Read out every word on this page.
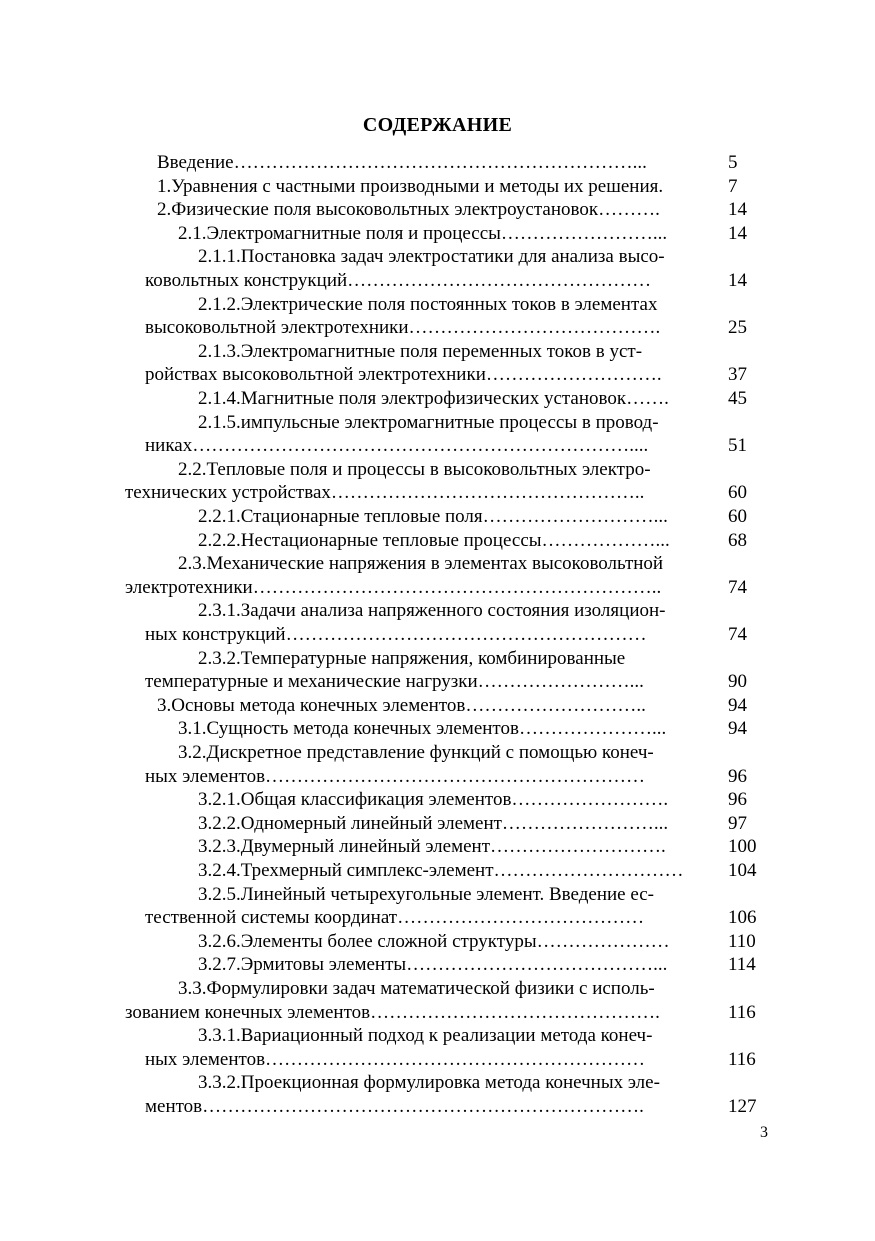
СОДЕРЖАНИЕ
Введение………………………………………………………...	5
1.Уравнения с частными производными и методы их решения.	7
2.Физические поля высоковольтных электроустановок……….	14
2.1.Электромагнитные поля и процессы……………………...	14
2.1.1.Постановка задач электростатики для анализа высо-
ковольтных конструкций…………………………………………	14
2.1.2.Электрические поля постоянных токов в элементах
высоковольтной электротехники………………………………….	25
2.1.3.Электромагнитные поля переменных токов в уст-
ройствах высоковольтной электротехники……………………….	37
2.1.4.Магнитные поля электрофизических установок…….	45
2.1.5.импульсные электромагнитные процессы в провод-
никах……………………………………………………………....	51
2.2.Тепловые поля и процессы в высоковольтных электро-
технических устройствах…………………………………………..	60
2.2.1.Стационарные тепловые поля………………………...	60
2.2.2.Нестационарные тепловые процессы………………...	68
2.3.Механические напряжения в элементах высоковольтной
электротехники………………………………………………………..	74
2.3.1.Задачи анализа напряженного состояния изоляцион-
ных конструкций…………………………………………………	74
2.3.2.Температурные напряжения, комбинированные
температурные и механические нагрузки……………………...	90
3.Основы метода конечных элементов………………………..	94
3.1.Сущность метода конечных элементов…………………...	94
3.2.Дискретное представление функций с помощью конеч-
ных элементов……………………………………………………	96
3.2.1.Общая классификация элементов…………………….	96
3.2.2.Одномерный линейный элемент……………………...	97
3.2.3.Двумерный линейный элемент……………………….	100
3.2.4.Трехмерный симплекс-элемент………………………… 104
3.2.5.Линейный четырехугольные элемент. Введение ес-
тественной системы координат…………………………………	106
3.2.6.Элементы более сложной структуры…………………	110
3.2.7.Эрмитовы элементы…………………………………...	114
3.3.Формулировки задач математической физики с исполь-
зованием конечных элементов……………………………………….	116
3.3.1.Вариационный подход к реализации метода конеч-
ных элементов……………………………………………………	116
3.3.2.Проекционная формулировка метода конечных эле-
ментов…………………………………………………………….	127
3
